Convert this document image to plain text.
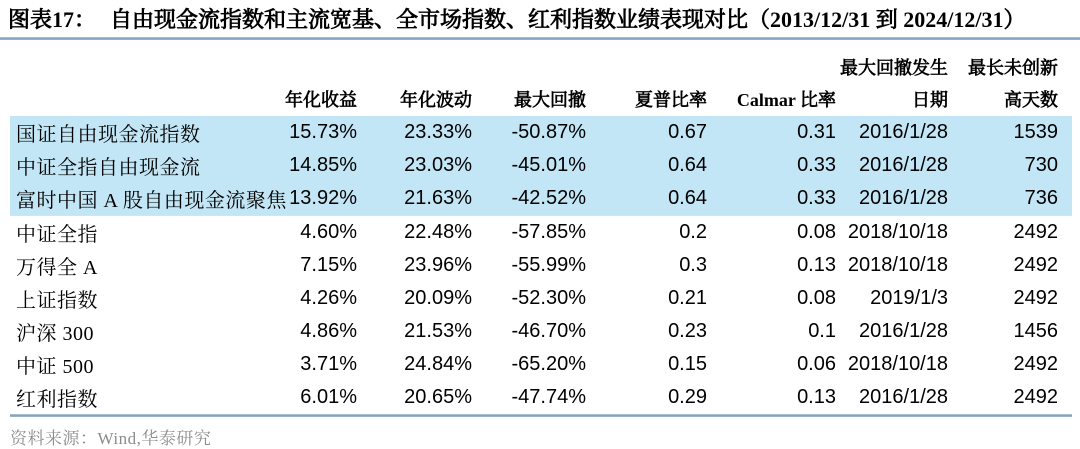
图表17： 自由现金流指数和主流宽基、全市场指数、红利指数业绩表现对比（2013/12/31 到 2024/12/31）
						最大回撤发生	最长未创新
	年化收益	年化波动	最大回撤	夏普比率	Calmar 比率	日期	高天数
国证自由现金流指数	15.73%	23.33%	-50.87%	0.67	0.31	2016/1/28	1539
中证全指自由现金流	14.85%	23.03%	-45.01%	0.64	0.33	2016/1/28	730
富时中国 A 股自由现金流聚焦	13.92%	21.63%	-42.52%	0.64	0.33	2016/1/28	736
中证全指	4.60%	22.48%	-57.85%	0.2	0.08	2018/10/18	2492
万得全 A	7.15%	23.96%	-55.99%	0.3	0.13	2018/10/18	2492
上证指数	4.26%	20.09%	-52.30%	0.21	0.08	2019/1/3	2492
沪深 300	4.86%	21.53%	-46.70%	0.23	0.1	2016/1/28	1456
中证 500	3.71%	24.84%	-65.20%	0.15	0.06	2018/10/18	2492
红利指数	6.01%	20.65%	-47.74%	0.29	0.13	2016/1/28	2492
资料来源：Wind,华泰研究
